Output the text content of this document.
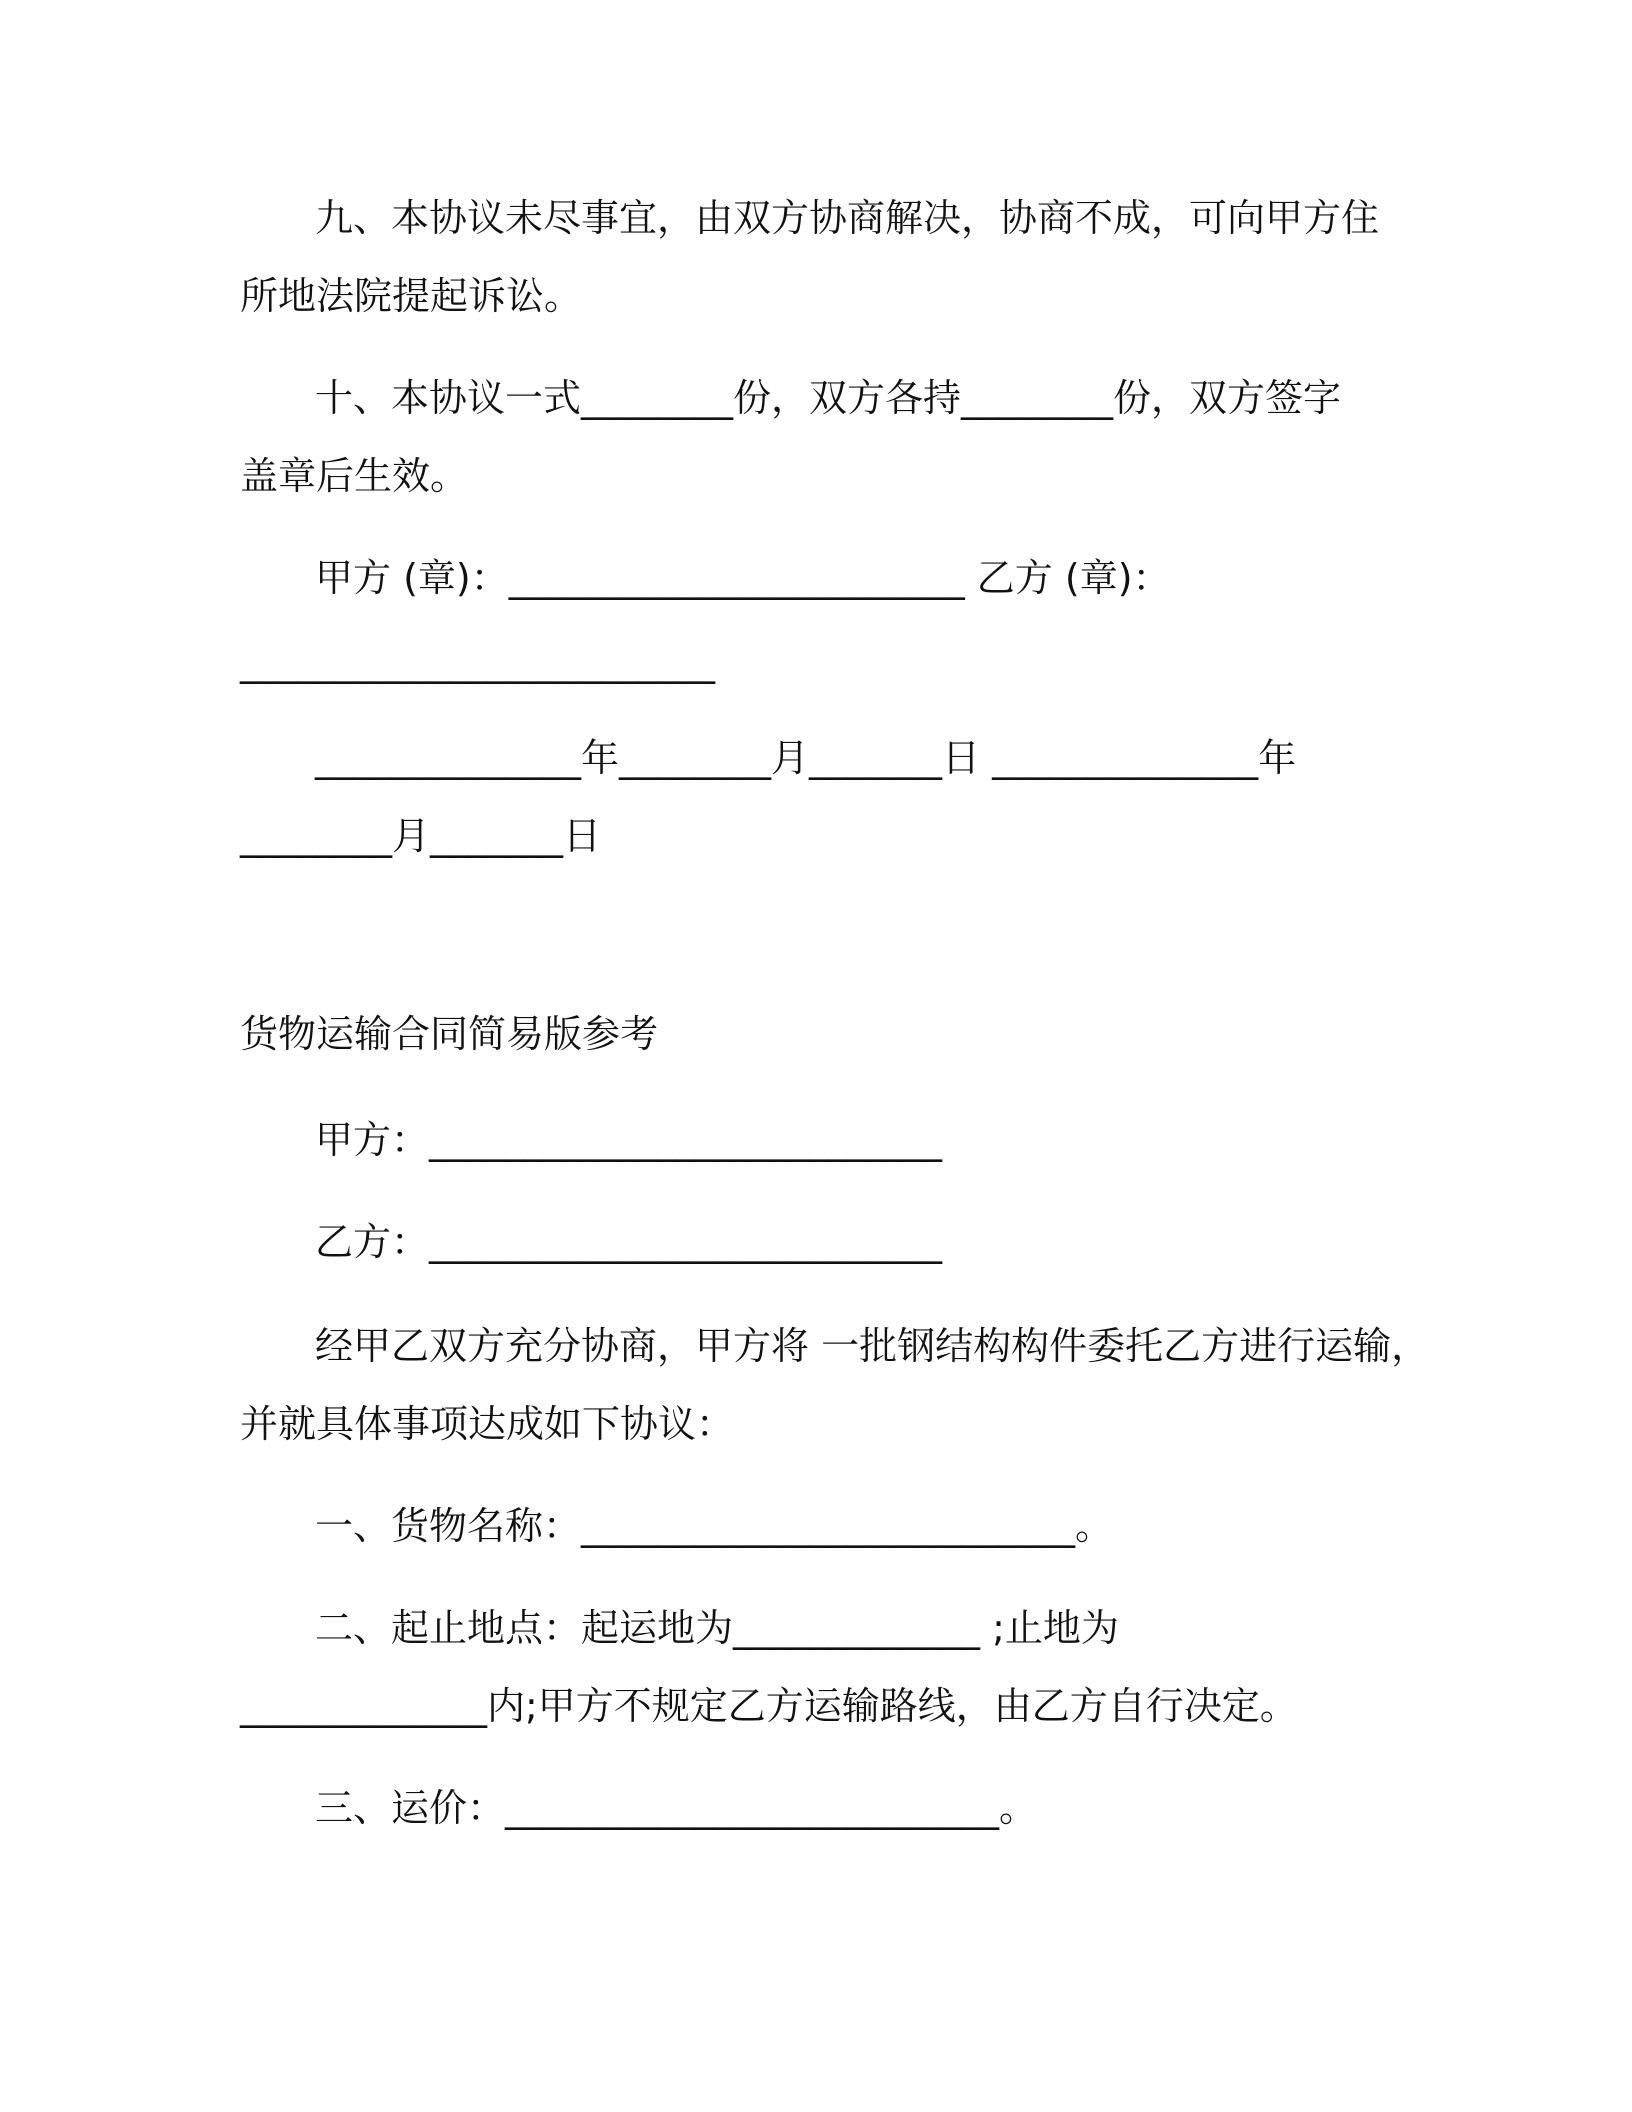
九、本协议未尽事宜，由双方协商解决，协商不成，可向甲方住
所地法院提起诉讼。
十、本协议一式________份，双方各持________份，双方签字
盖章后生效。
甲方 (章)：________________________ 乙方 (章)：
_________________________
______________年________月_______日 ______________年
________月_______日
货物运输合同简易版参考
甲方：___________________________
乙方：___________________________
经甲乙双方充分协商，甲方将 一批钢结构构件委托乙方进行运输，
并就具体事项达成如下协议：
一、货物名称：__________________________。
二、起止地点：起运地为_____________ ;止地为
_____________内;甲方不规定乙方运输路线，由乙方自行决定。
三、运价：__________________________。
